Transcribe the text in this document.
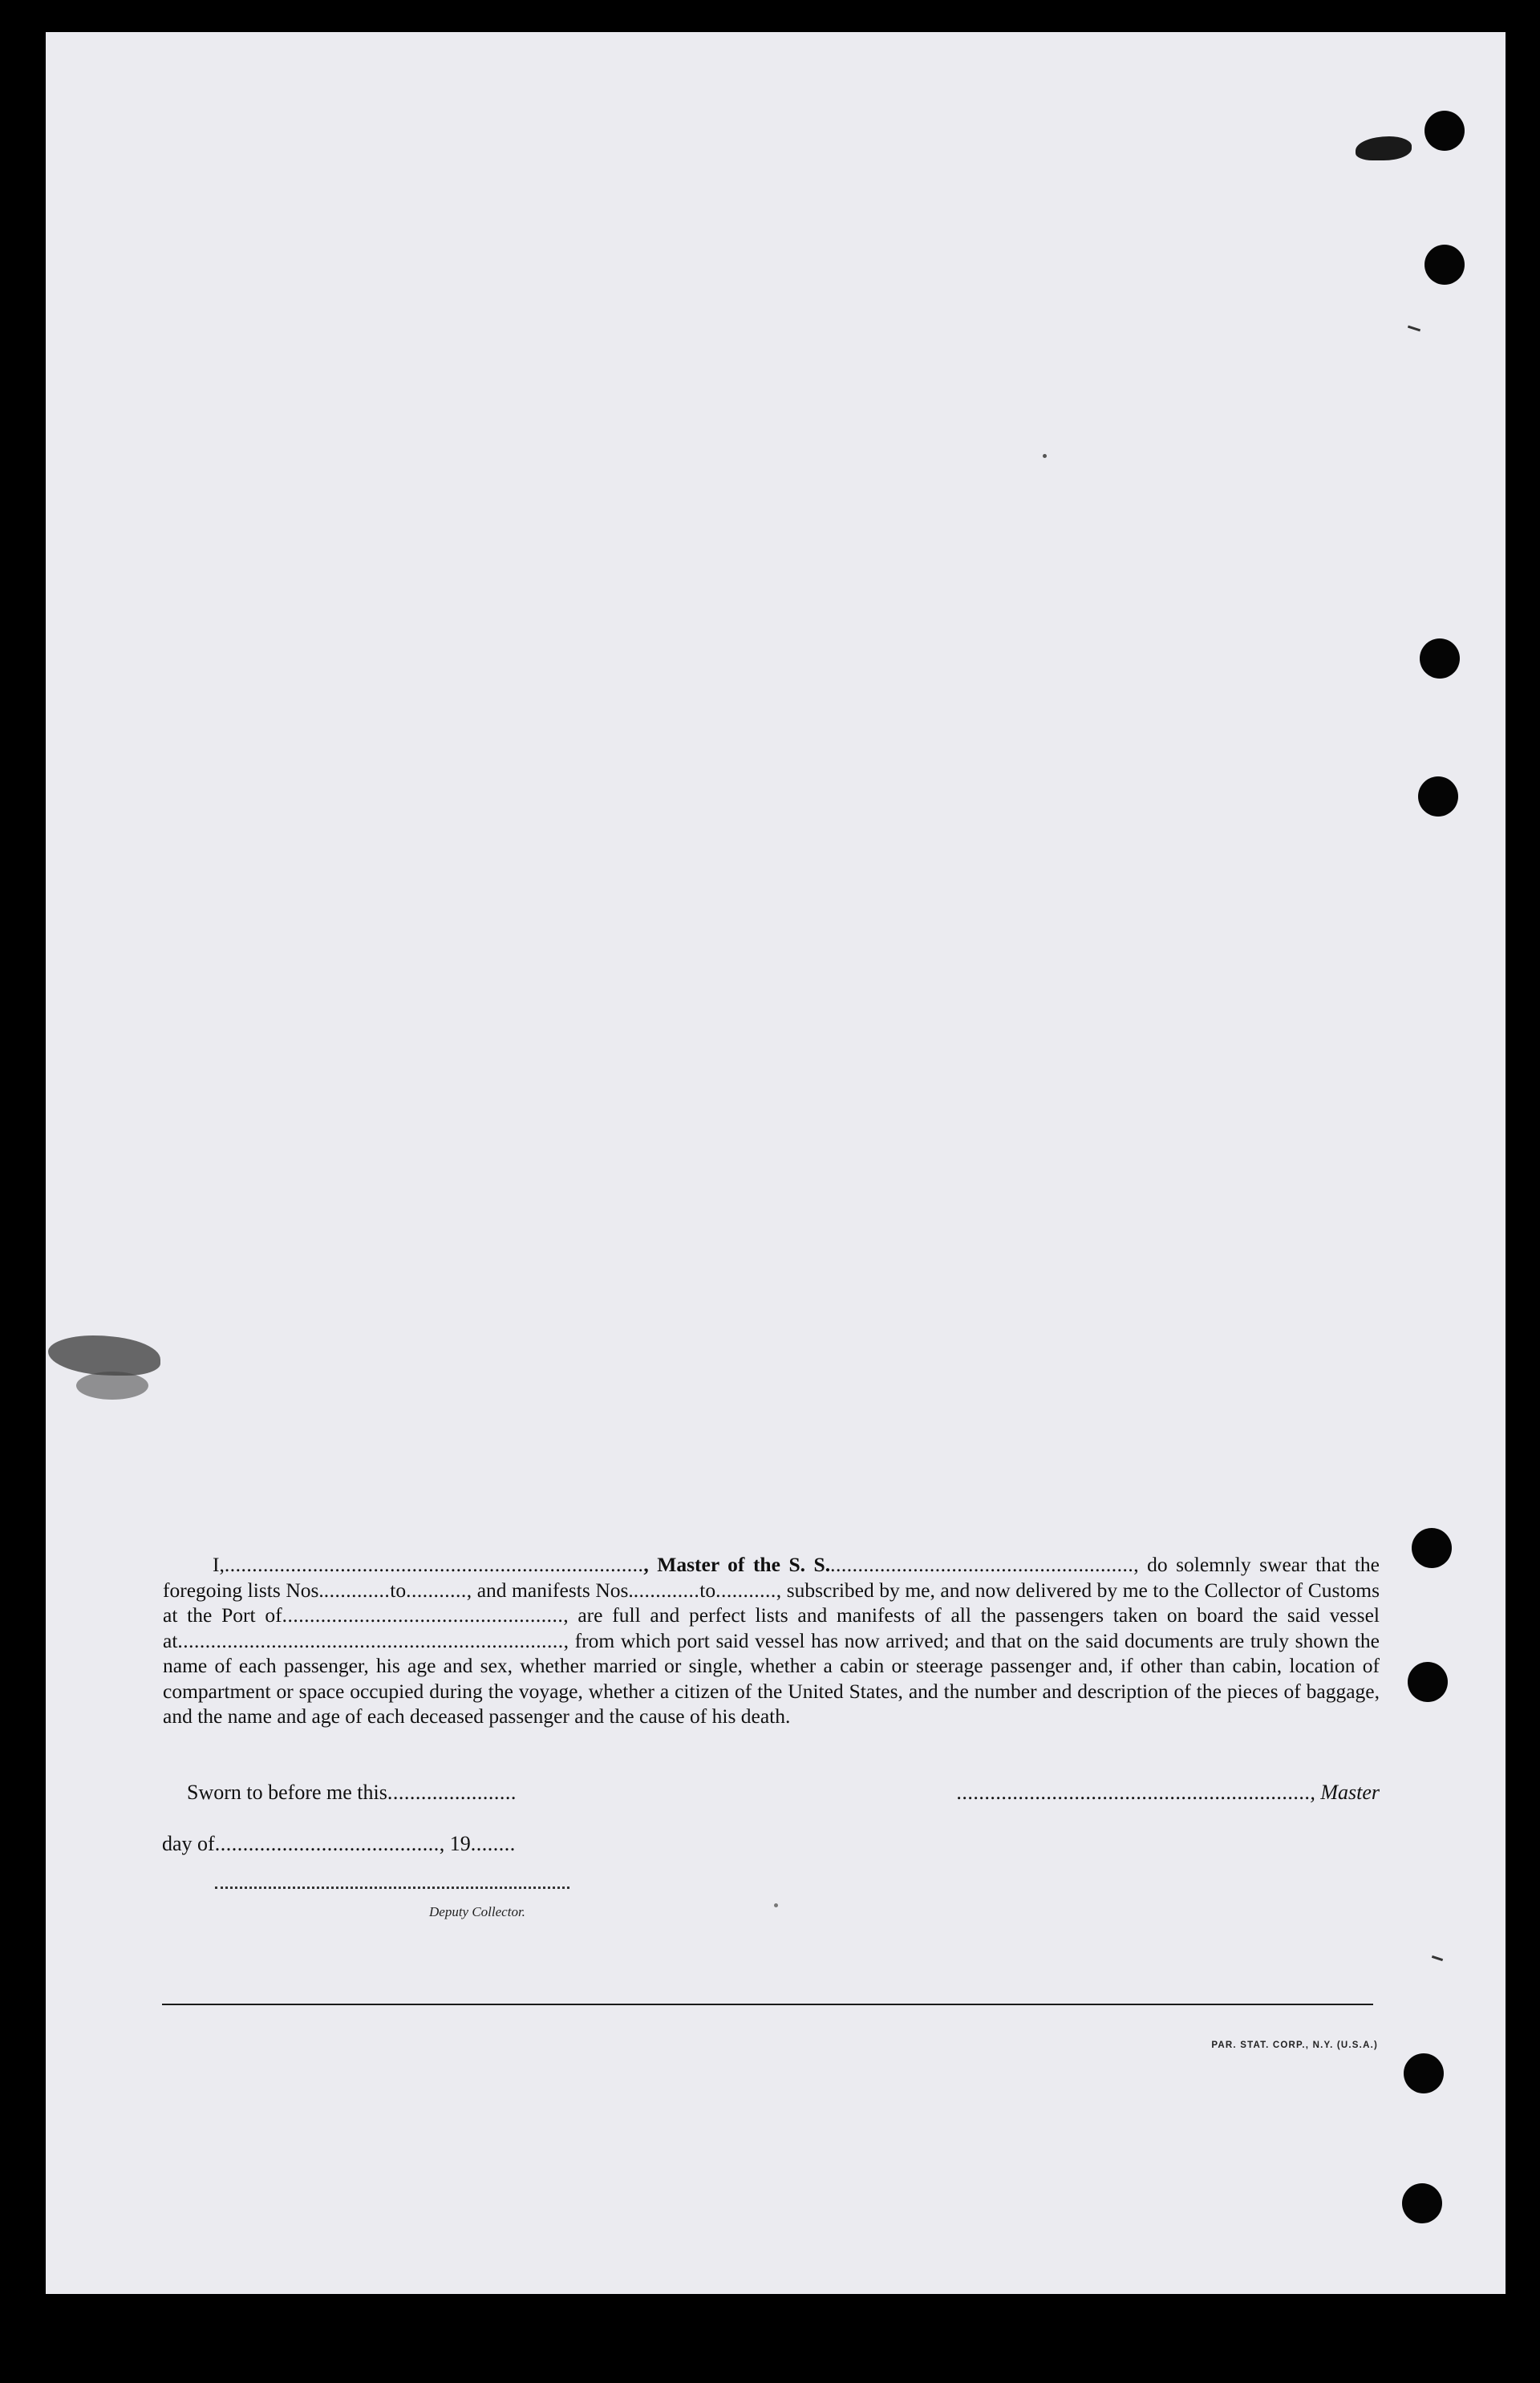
I,............................................................................, Master of the S. S........................................................, do solemnly swear that the foregoing lists Nos.............to..........., and manifests Nos.............to..........., subscribed by me, and now delivered by me to the Collector of Customs at the Port of..................................................., are full and perfect lists and manifests of all the passengers taken on board the said vessel at......................................................................, from which port said vessel has now arrived; and that on the said documents are truly shown the name of each passenger, his age and sex, whether married or single, whether a cabin or steerage passenger and, if other than cabin, location of compartment or space occupied during the voyage, whether a citizen of the United States, and the number and description of the pieces of baggage, and the name and age of each deceased passenger and the cause of his death.

Sworn to before me this.......................	..............................................................., Master
day of........................................, 19........
Deputy Collector.
PAR. STAT. CORP., N.Y. (U.S.A.)
